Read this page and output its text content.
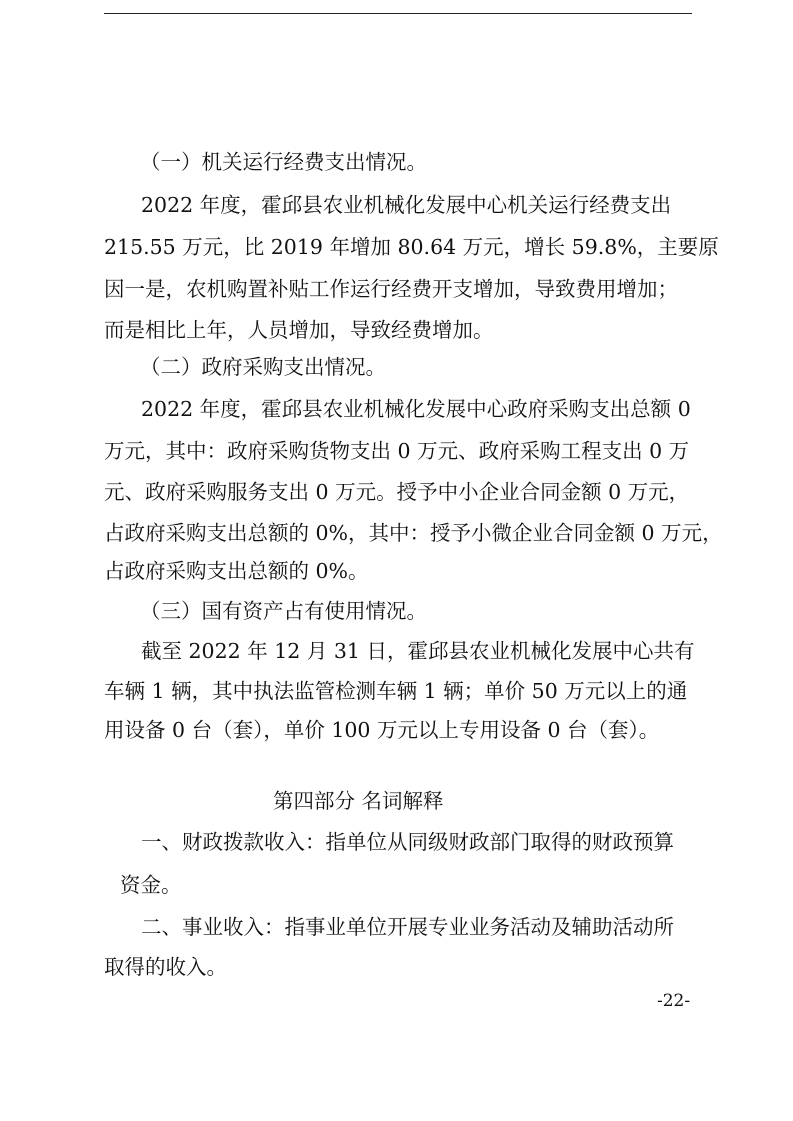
（一）机关运行经费支出情况。
2022 年度，霍邱县农业机械化发展中心机关运行经费支出
215.55 万元，比 2019 年增加 80.64 万元，增长 59.8%，主要原
因一是，农机购置补贴工作运行经费开支增加，导致费用增加；
而是相比上年，人员增加，导致经费增加。
（二）政府采购支出情况。
2022 年度，霍邱县农业机械化发展中心政府采购支出总额 0
万元，其中：政府采购货物支出 0 万元、政府采购工程支出 0 万
元、政府采购服务支出 0 万元。授予中小企业合同金额 0 万元，
占政府采购支出总额的 0%，其中：授予小微企业合同金额 0 万元，
占政府采购支出总额的 0%。
（三）国有资产占有使用情况。
截至 2022 年 12 月 31 日，霍邱县农业机械化发展中心共有
车辆 1 辆，其中执法监管检测车辆 1 辆；单价 50 万元以上的通
用设备 0 台（套），单价 100 万元以上专用设备 0 台（套）。
第四部分 名词解释
一、财政拨款收入：指单位从同级财政部门取得的财政预算
资金。
二、事业收入：指事业单位开展专业业务活动及辅助活动所
取得的收入。
-22-
